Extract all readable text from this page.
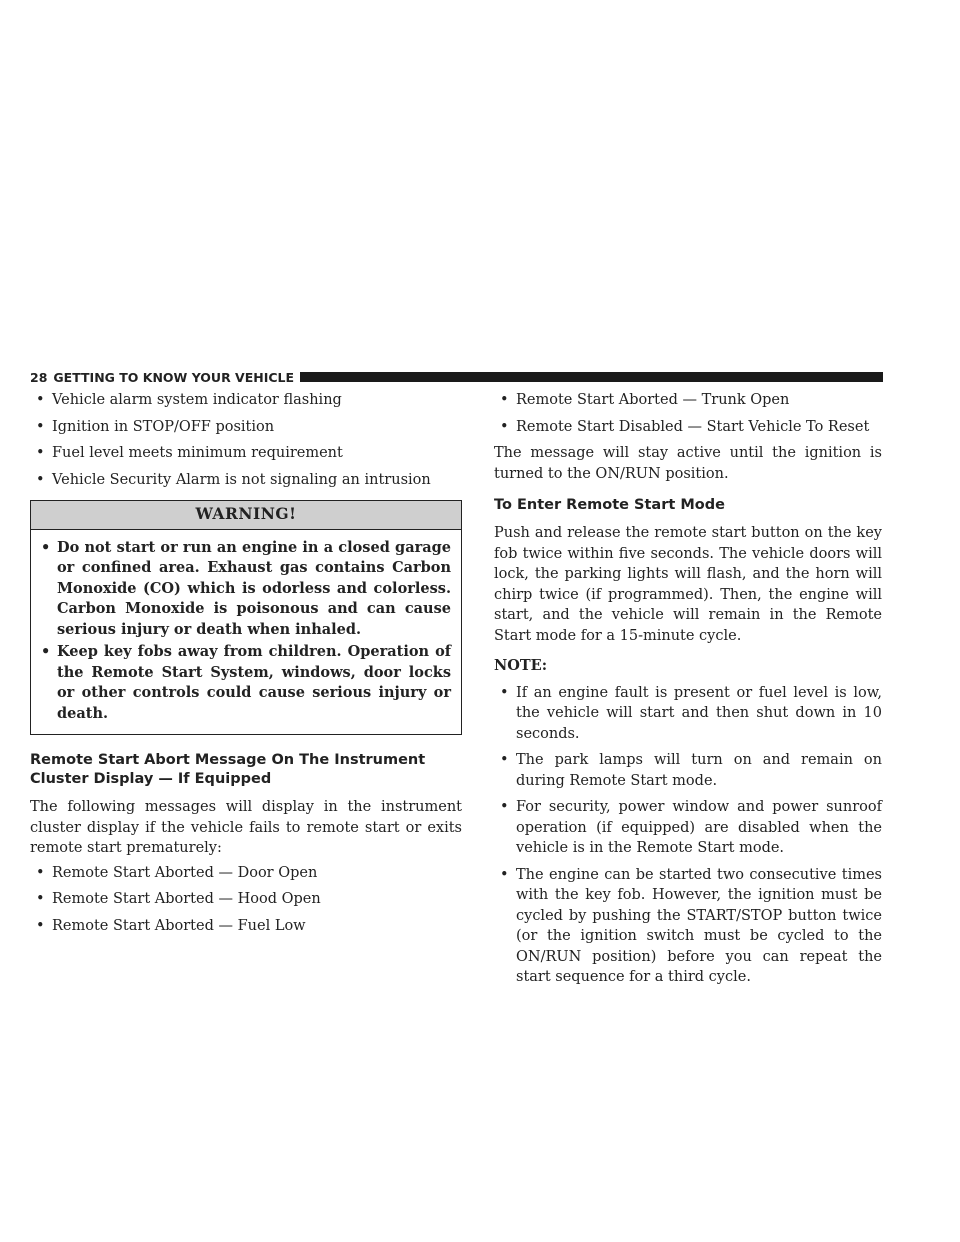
28 GETTING TO KNOW YOUR VEHICLE
• Vehicle alarm system indicator flashing
• Ignition in STOP/OFF position
• Fuel level meets minimum requirement
• Vehicle Security Alarm is not signaling an intrusion
WARNING!
• Do not start or run an engine in a closed garage or confined area. Exhaust gas contains Carbon Monoxide (CO) which is odorless and colorless. Carbon Monoxide is poisonous and can cause serious injury or death when inhaled.
• Keep key fobs away from children. Operation of the Remote Start System, windows, door locks or other controls could cause serious injury or death.
Remote Start Abort Message On The Instrument Cluster Display — If Equipped

The following messages will display in the instrument cluster display if the vehicle fails to remote start or exits remote start prematurely:

• Remote Start Aborted — Door Open
• Remote Start Aborted — Hood Open
• Remote Start Aborted — Fuel Low
• Remote Start Aborted — Trunk Open
• Remote Start Disabled — Start Vehicle To Reset

The message will stay active until the ignition is turned to the ON/RUN position.

To Enter Remote Start Mode

Push and release the remote start button on the key fob twice within five seconds. The vehicle doors will lock, the parking lights will flash, and the horn will chirp twice (if programmed). Then, the engine will start, and the vehicle will remain in the Remote Start mode for a 15-minute cycle.

NOTE:

• If an engine fault is present or fuel level is low, the vehicle will start and then shut down in 10 seconds.
• The park lamps will turn on and remain on during Remote Start mode.
• For security, power window and power sunroof operation (if equipped) are disabled when the vehicle is in the Remote Start mode.
• The engine can be started two consecutive times with the key fob. However, the ignition must be cycled by pushing the START/STOP button twice (or the ignition switch must be cycled to the ON/RUN position) before you can repeat the start sequence for a third cycle.
